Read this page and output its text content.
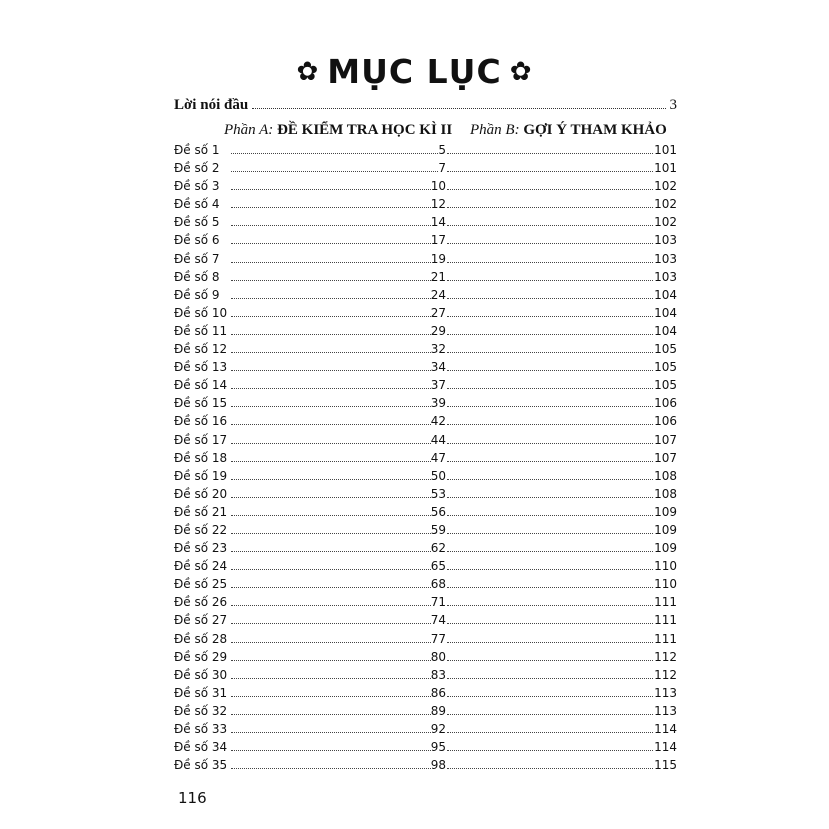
✿ MỤC LỤC ✿
Lời nói đầu	3
Phần A: ĐỀ KIỂM TRA HỌC KÌ II Phần B: GỢI Ý THAM KHẢO
Đề số 1	5	101
Đề số 2	7	101
Đề số 3	10	102
Đề số 4	12	102
Đề số 5	14	102
Đề số 6	17	103
Đề số 7	19	103
Đề số 8	21	103
Đề số 9	24	104
Đề số 10	27	104
Đề số 11	29	104
Đề số 12	32	105
Đề số 13	34	105
Đề số 14	37	105
Đề số 15	39	106
Đề số 16	42	106
Đề số 17	44	107
Đề số 18	47	107
Đề số 19	50	108
Đề số 20	53	108
Đề số 21	56	109
Đề số 22	59	109
Đề số 23	62	109
Đề số 24	65	110
Đề số 25	68	110
Đề số 26	71	111
Đề số 27	74	111
Đề số 28	77	111
Đề số 29	80	112
Đề số 30	83	112
Đề số 31	86	113
Đề số 32	89	113
Đề số 33	92	114
Đề số 34	95	114
Đề số 35	98	115
116
